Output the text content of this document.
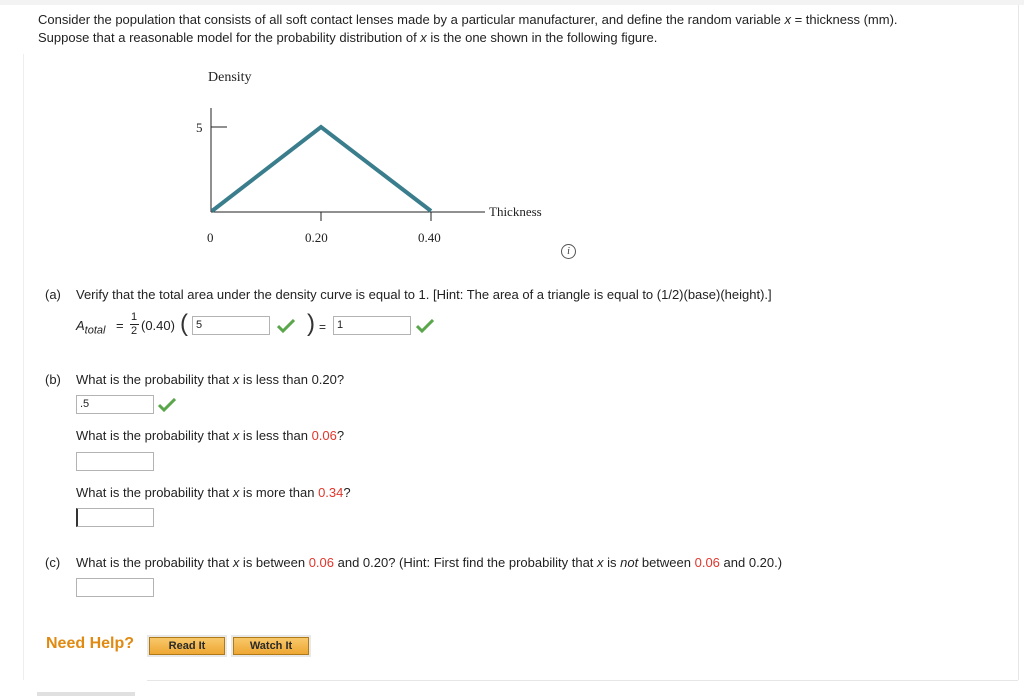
Consider the population that consists of all soft contact lenses made by a particular manufacturer, and define the random variable x = thickness (mm).
Suppose that a reasonable model for the probability distribution of x is the one shown in the following figure.
Density
5
Thickness
0	0.20	0.40
i
(a) Verify that the total area under the density curve is equal to 1. [Hint: The area of a triangle is equal to (1/2)(base)(height).]
$A_{total}$ =
1
2 (0.40) ( 5	) = 1
(b) What is the probability that x is less than 0.20?
.5
What is the probability that x is less than 0.06?
What is the probability that x is more than 0.34?
(c) What is the probability that x is between 0.06 and 0.20? (Hint: First find the probability that x is not between 0.06 and 0.20.)
Need Help?	Read It	Watch It
